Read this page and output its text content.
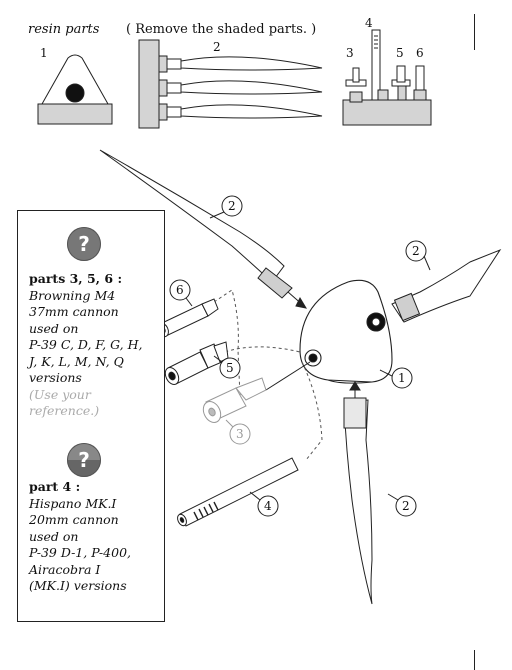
resin parts ( Remove the shaded parts. )
1	2	3
4
5 6
2
2
2
1
3
4
5
6
?
parts 3, 5, 6 :
Browning M4
37mm cannon
used on
P-39 C, D, F, G, H,
J, K, L, M, N, Q
versions
(Use your
reference.)
?
part 4 :
Hispano MK.I
20mm cannon
used on
P-39 D-1, P-400,
Airacobra I
(MK.I) versions
